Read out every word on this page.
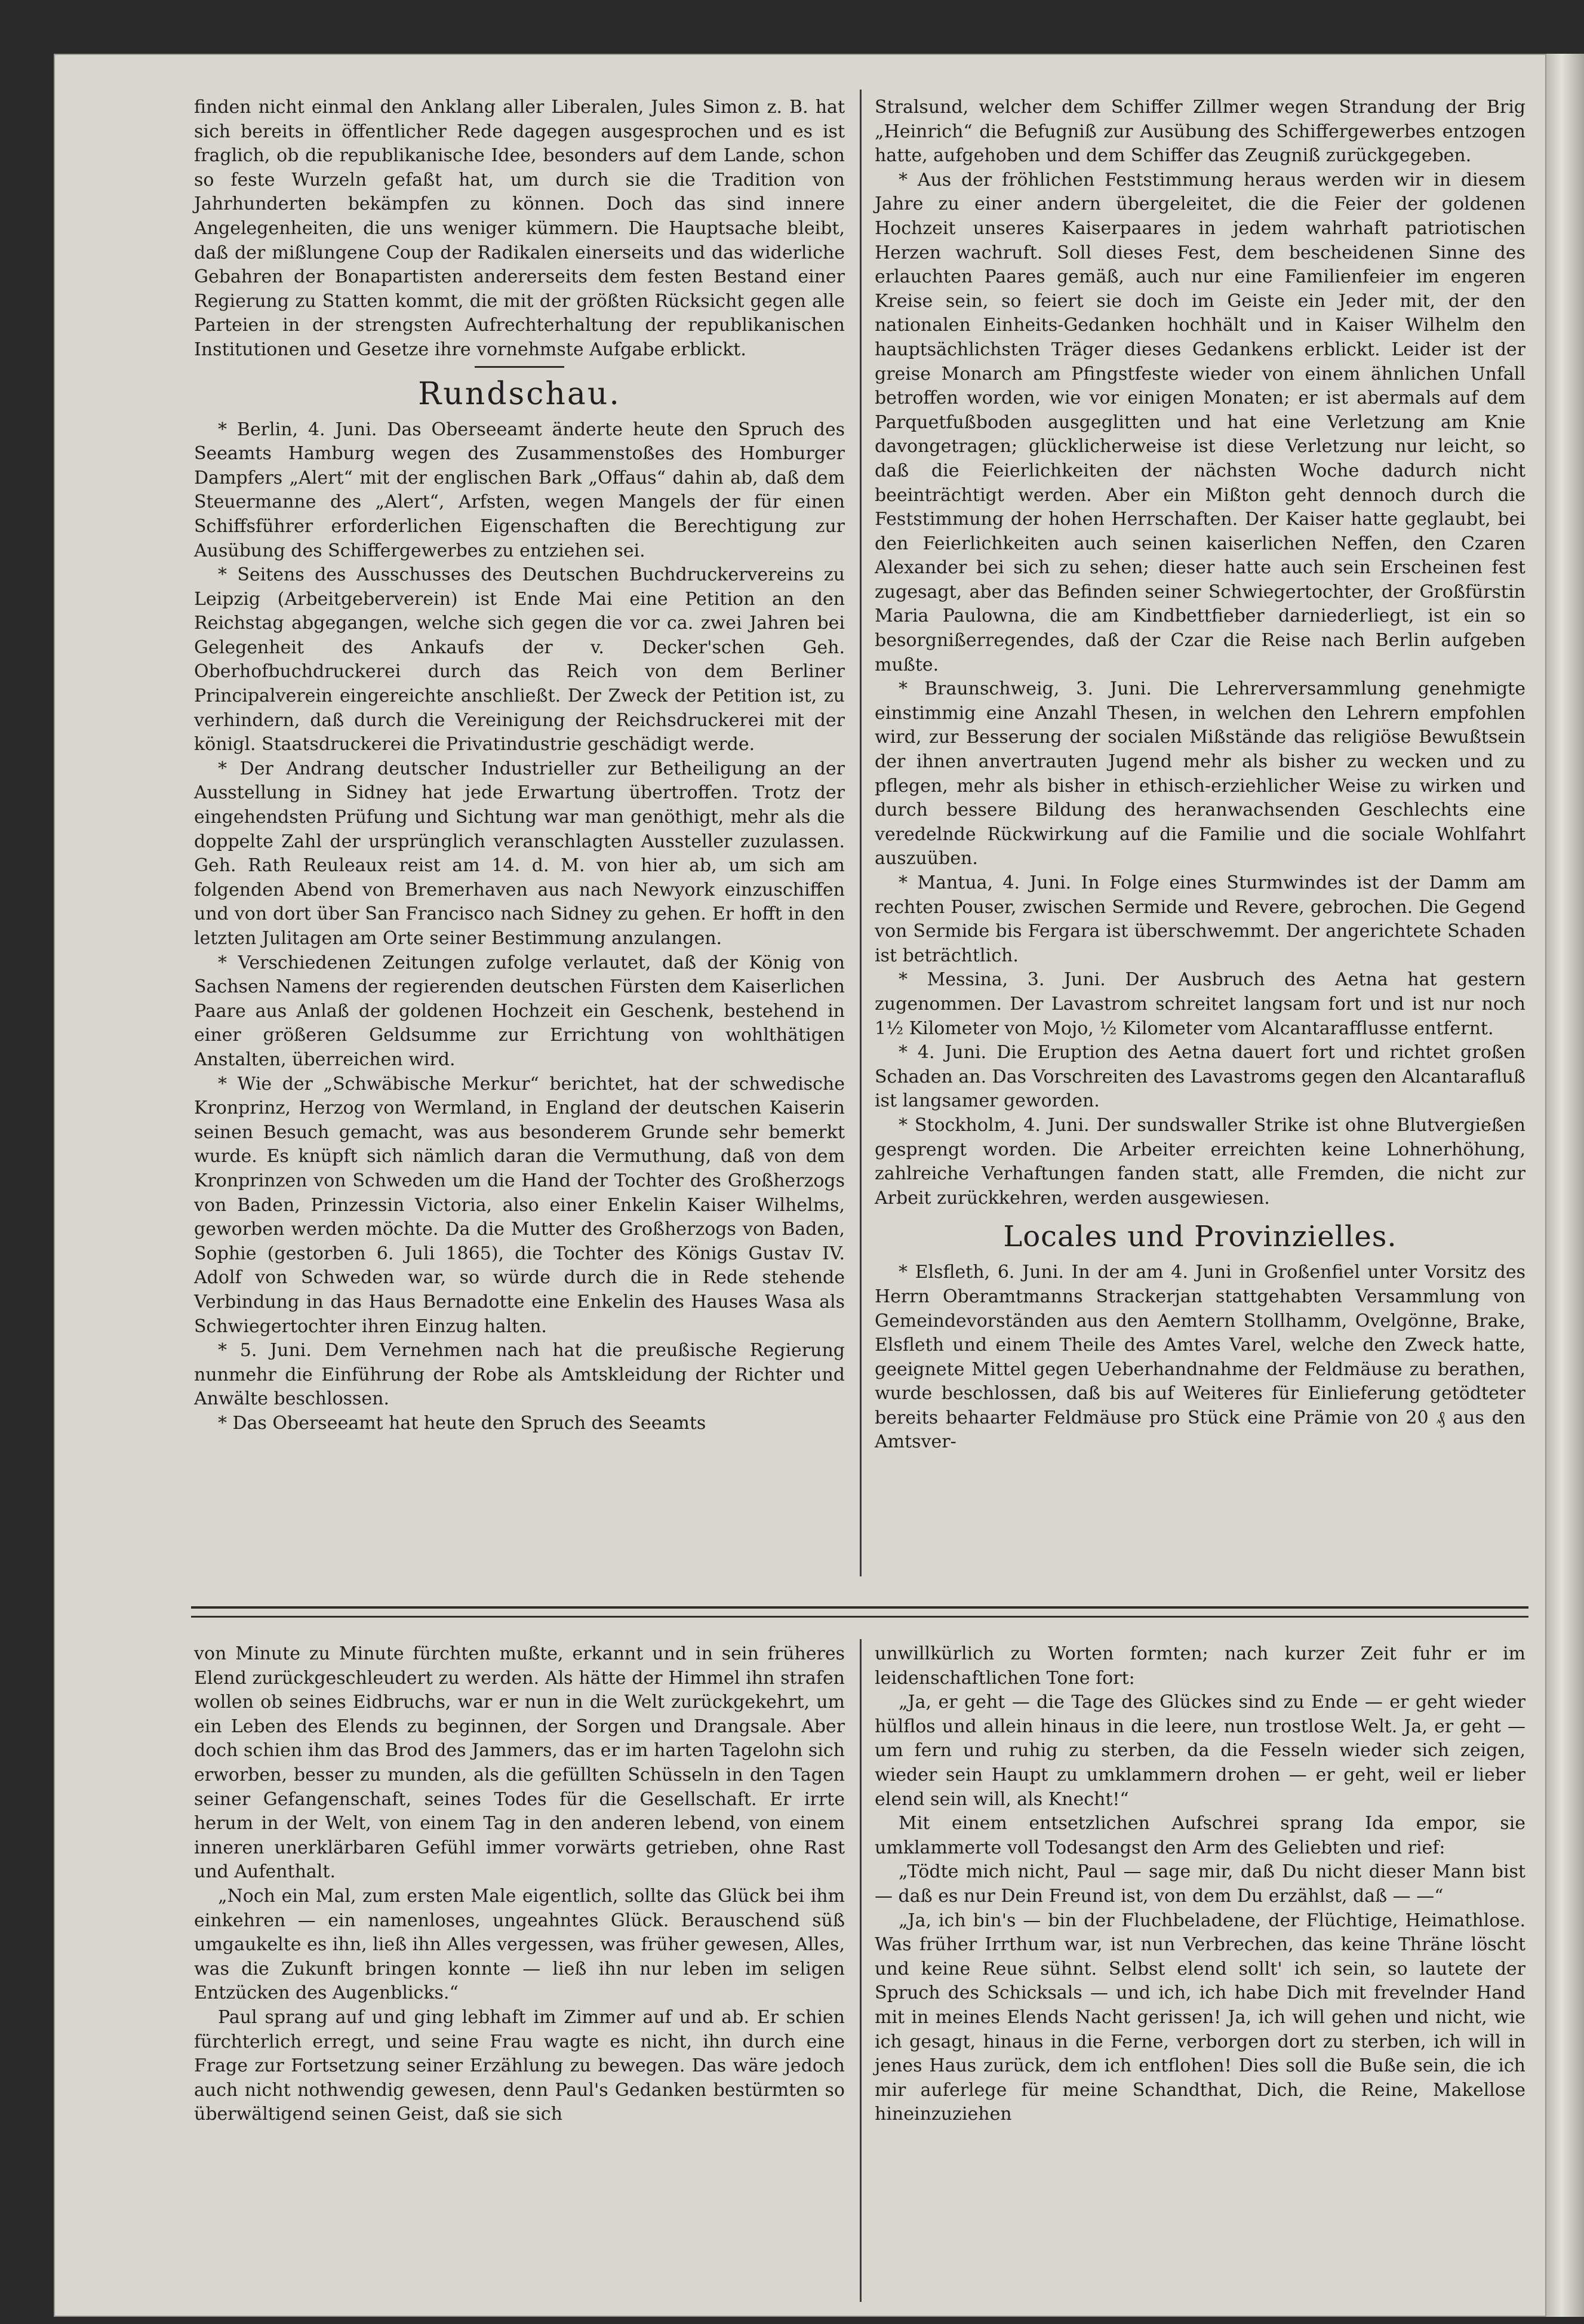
finden nicht einmal den Anklang aller Liberalen, Jules Simon z. B. hat sich bereits in öffentlicher Rede dagegen ausgesprochen und es ist fraglich, ob die republikanische Idee, besonders auf dem Lande, schon so feste Wurzeln gefaßt hat, um durch sie die Tradition von Jahrhunderten bekämpfen zu können. Doch das sind innere Angelegenheiten, die uns weniger kümmern. Die Hauptsache bleibt, daß der mißlungene Coup der Radikalen einerseits und das widerliche Gebahren der Bonapartisten andererseits dem festen Bestand einer Regierung zu Statten kommt, die mit der größten Rücksicht gegen alle Parteien in der strengsten Aufrechterhaltung der republikanischen Institutionen und Gesetze ihre vornehmste Aufgabe erblickt.

Rundschau.

* Berlin, 4. Juni. Das Oberseeamt änderte heute den Spruch des Seeamts Hamburg wegen des Zusammenstoßes des Homburger Dampfers „Alert“ mit der englischen Bark „Offaus“ dahin ab, daß dem Steuermanne des „Alert“, Arfsten, wegen Mangels der für einen Schiffsführer erforderlichen Eigenschaften die Berechtigung zur Ausübung des Schiffergewerbes zu entziehen sei.

* Seitens des Ausschusses des Deutschen Buchdruckervereins zu Leipzig (Arbeitgeberverein) ist Ende Mai eine Petition an den Reichstag abgegangen, welche sich gegen die vor ca. zwei Jahren bei Gelegenheit des Ankaufs der v. Decker'schen Geh. Oberhofbuchdruckerei durch das Reich von dem Berliner Principalverein eingereichte anschließt. Der Zweck der Petition ist, zu verhindern, daß durch die Vereinigung der Reichsdruckerei mit der königl. Staatsdruckerei die Privatindustrie geschädigt werde.

* Der Andrang deutscher Industrieller zur Betheiligung an der Ausstellung in Sidney hat jede Erwartung übertroffen. Trotz der eingehendsten Prüfung und Sichtung war man genöthigt, mehr als die doppelte Zahl der ursprünglich veranschlagten Aussteller zuzulassen. Geh. Rath Reuleaux reist am 14. d. M. von hier ab, um sich am folgenden Abend von Bremerhaven aus nach Newyork einzuschiffen und von dort über San Francisco nach Sidney zu gehen. Er hofft in den letzten Julitagen am Orte seiner Bestimmung anzulangen.

* Verschiedenen Zeitungen zufolge verlautet, daß der König von Sachsen Namens der regierenden deutschen Fürsten dem Kaiserlichen Paare aus Anlaß der goldenen Hochzeit ein Geschenk, bestehend in einer größeren Geldsumme zur Errichtung von wohlthätigen Anstalten, überreichen wird.

* Wie der „Schwäbische Merkur“ berichtet, hat der schwedische Kronprinz, Herzog von Wermland, in England der deutschen Kaiserin seinen Besuch gemacht, was aus besonderem Grunde sehr bemerkt wurde. Es knüpft sich nämlich daran die Vermuthung, daß von dem Kronprinzen von Schweden um die Hand der Tochter des Großherzogs von Baden, Prinzessin Victoria, also einer Enkelin Kaiser Wilhelms, geworben werden möchte. Da die Mutter des Großherzogs von Baden, Sophie (gestorben 6. Juli 1865), die Tochter des Königs Gustav IV. Adolf von Schweden war, so würde durch die in Rede stehende Verbindung in das Haus Bernadotte eine Enkelin des Hauses Wasa als Schwiegertochter ihren Einzug halten.

* 5. Juni. Dem Vernehmen nach hat die preußische Regierung nunmehr die Einführung der Robe als Amtskleidung der Richter und Anwälte beschlossen.

* Das Oberseeamt hat heute den Spruch des Seeamts

Stralsund, welcher dem Schiffer Zillmer wegen Strandung der Brig „Heinrich“ die Befugniß zur Ausübung des Schiffergewerbes entzogen hatte, aufgehoben und dem Schiffer das Zeugniß zurückgegeben.

* Aus der fröhlichen Feststimmung heraus werden wir in diesem Jahre zu einer andern übergeleitet, die die Feier der goldenen Hochzeit unseres Kaiserpaares in jedem wahrhaft patriotischen Herzen wachruft. Soll dieses Fest, dem bescheidenen Sinne des erlauchten Paares gemäß, auch nur eine Familienfeier im engeren Kreise sein, so feiert sie doch im Geiste ein Jeder mit, der den nationalen Einheits-Gedanken hochhält und in Kaiser Wilhelm den hauptsächlichsten Träger dieses Gedankens erblickt. Leider ist der greise Monarch am Pfingstfeste wieder von einem ähnlichen Unfall betroffen worden, wie vor einigen Monaten; er ist abermals auf dem Parquetfußboden ausgeglitten und hat eine Verletzung am Knie davongetragen; glücklicherweise ist diese Verletzung nur leicht, so daß die Feierlichkeiten der nächsten Woche dadurch nicht beeinträchtigt werden. Aber ein Mißton geht dennoch durch die Feststimmung der hohen Herrschaften. Der Kaiser hatte geglaubt, bei den Feierlichkeiten auch seinen kaiserlichen Neffen, den Czaren Alexander bei sich zu sehen; dieser hatte auch sein Erscheinen fest zugesagt, aber das Befinden seiner Schwiegertochter, der Großfürstin Maria Paulowna, die am Kindbettfieber darniederliegt, ist ein so besorgnißerregendes, daß der Czar die Reise nach Berlin aufgeben mußte.

* Braunschweig, 3. Juni. Die Lehrerversammlung genehmigte einstimmig eine Anzahl Thesen, in welchen den Lehrern empfohlen wird, zur Besserung der socialen Mißstände das religiöse Bewußtsein der ihnen anvertrauten Jugend mehr als bisher zu wecken und zu pflegen, mehr als bisher in ethisch-erziehlicher Weise zu wirken und durch bessere Bildung des heranwachsenden Geschlechts eine veredelnde Rückwirkung auf die Familie und die sociale Wohlfahrt auszuüben.

* Mantua, 4. Juni. In Folge eines Sturmwindes ist der Damm am rechten Pouser, zwischen Sermide und Revere, gebrochen. Die Gegend von Sermide bis Fergara ist überschwemmt. Der angerichtete Schaden ist beträchtlich.

* Messina, 3. Juni. Der Ausbruch des Aetna hat gestern zugenommen. Der Lavastrom schreitet langsam fort und ist nur noch 1½ Kilometer von Mojo, ½ Kilometer vom Alcantarafflusse entfernt.

* 4. Juni. Die Eruption des Aetna dauert fort und richtet großen Schaden an. Das Vorschreiten des Lavastroms gegen den Alcantarafluß ist langsamer geworden.

* Stockholm, 4. Juni. Der sundswaller Strike ist ohne Blutvergießen gesprengt worden. Die Arbeiter erreichten keine Lohnerhöhung, zahlreiche Verhaftungen fanden statt, alle Fremden, die nicht zur Arbeit zurückkehren, werden ausgewiesen.

Locales und Provinzielles.

* Elsfleth, 6. Juni. In der am 4. Juni in Großenfiel unter Vorsitz des Herrn Oberamtmanns Strackerjan stattgehabten Versammlung von Gemeindevorständen aus den Aemtern Stollhamm, Ovelgönne, Brake, Elsfleth und einem Theile des Amtes Varel, welche den Zweck hatte, geeignete Mittel gegen Ueberhandnahme der Feldmäuse zu berathen, wurde beschlossen, daß bis auf Weiteres für Einlieferung getödteter bereits behaarter Feldmäuse pro Stück eine Prämie von 20 ₰ aus den Amtsver-

von Minute zu Minute fürchten mußte, erkannt und in sein früheres Elend zurückgeschleudert zu werden. Als hätte der Himmel ihn strafen wollen ob seines Eidbruchs, war er nun in die Welt zurückgekehrt, um ein Leben des Elends zu beginnen, der Sorgen und Drangsale. Aber doch schien ihm das Brod des Jammers, das er im harten Tagelohn sich erworben, besser zu munden, als die gefüllten Schüsseln in den Tagen seiner Gefangenschaft, seines Todes für die Gesellschaft. Er irrte herum in der Welt, von einem Tag in den anderen lebend, von einem inneren unerklärbaren Gefühl immer vorwärts getrieben, ohne Rast und Aufenthalt.

„Noch ein Mal, zum ersten Male eigentlich, sollte das Glück bei ihm einkehren — ein namenloses, ungeahntes Glück. Berauschend süß umgaukelte es ihn, ließ ihn Alles vergessen, was früher gewesen, Alles, was die Zukunft bringen konnte — ließ ihn nur leben im seligen Entzücken des Augenblicks.“

Paul sprang auf und ging lebhaft im Zimmer auf und ab. Er schien fürchterlich erregt, und seine Frau wagte es nicht, ihn durch eine Frage zur Fortsetzung seiner Erzählung zu bewegen. Das wäre jedoch auch nicht nothwendig gewesen, denn Paul's Gedanken bestürmten so überwältigend seinen Geist, daß sie sich

unwillkürlich zu Worten formten; nach kurzer Zeit fuhr er im leidenschaftlichen Tone fort:

„Ja, er geht — die Tage des Glückes sind zu Ende — er geht wieder hülflos und allein hinaus in die leere, nun trostlose Welt. Ja, er geht — um fern und ruhig zu sterben, da die Fesseln wieder sich zeigen, wieder sein Haupt zu umklammern drohen — er geht, weil er lieber elend sein will, als Knecht!“

Mit einem entsetzlichen Aufschrei sprang Ida empor, sie umklammerte voll Todesangst den Arm des Geliebten und rief:

„Tödte mich nicht, Paul — sage mir, daß Du nicht dieser Mann bist — daß es nur Dein Freund ist, von dem Du erzählst, daß — —“

„Ja, ich bin's — bin der Fluchbeladene, der Flüchtige, Heimathlose. Was früher Irrthum war, ist nun Verbrechen, das keine Thräne löscht und keine Reue sühnt. Selbst elend sollt' ich sein, so lautete der Spruch des Schicksals — und ich, ich habe Dich mit frevelnder Hand mit in meines Elends Nacht gerissen! Ja, ich will gehen und nicht, wie ich gesagt, hinaus in die Ferne, verborgen dort zu sterben, ich will in jenes Haus zurück, dem ich entflohen! Dies soll die Buße sein, die ich mir auferlege für meine Schandthat, Dich, die Reine, Makellose hineinzuziehen
